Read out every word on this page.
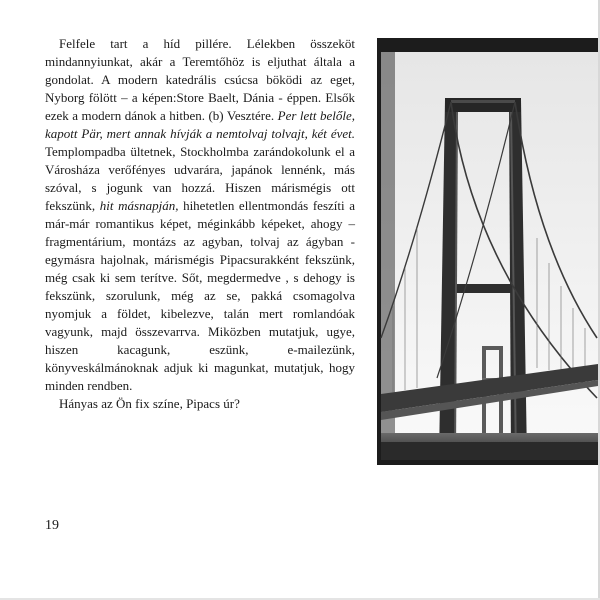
Felfele tart a híd pillére. Lélekben összeköt mindannyiunkat, akár a Teremtőhöz is eljuthat általa a gondolat. A modern katedrális csúcsa böködi az eget, Nyborg fölött – a képen:Store Baelt, Dánia - éppen. Elsők ezek a modern dánok a hitben. (b) Vesztére. Per lett belőle, kapott Pär, mert annak hívják a nemtolvaj tolvajt, két évet. Templompadba ültetnek, Stockholmba zarándokolunk el a Városháza verőfényes udvarára, japánok lennénk, más szóval, s jogunk van hozzá. Hiszen márismégis ott fekszünk, hit másnapján, hihetetlen ellentmondás feszíti a már-már romantikus képet, méginkább képeket, ahogy – fragmentárium, montázs az agyban, tolvaj az ágyban - egymásra hajolnak, márismégis Pipacsurakként fekszünk, még csak ki sem terítve. Sőt, megdermedve , s dehogy is fekszünk, szorulunk, még az se, pakká csomagolva nyomjuk a földet, kibelezve, talán mert romlandóak vagyunk, majd összevarrva. Miközben mutatjuk, ugye, hiszen kacagunk, eszünk, e-mailezünk, könyveskálmánoknak adjuk ki magunkat, mutatjuk, hogy minden rendben.

Hányas az Ön fix színe, Pipacs úr?

19
